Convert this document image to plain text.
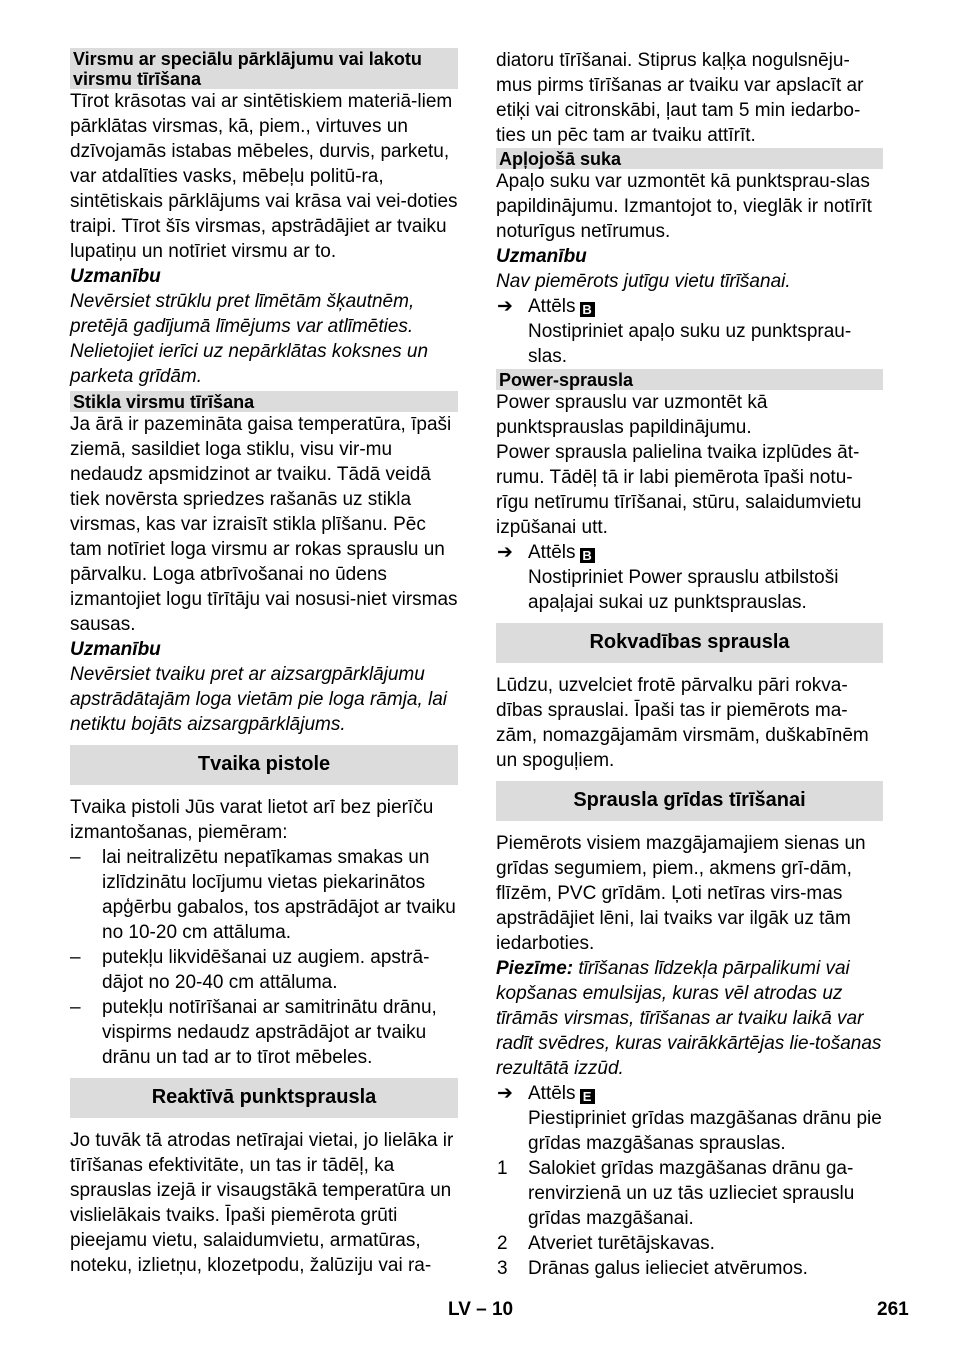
Virsmu ar speciālu pārklājumu vai lakotu virsmu tīrīšana

Tīrot krāsotas vai ar sintētiskiem materiā-liem pārklātas virsmas, kā, piem., virtuves un dzīvojamās istabas mēbeles, durvis, parketu, var atdalīties vasks, mēbeļu politū-ra, sintētiskais pārklājums vai krāsa vai vei-doties traipi. Tīrot šīs virsmas, apstrādājiet ar tvaiku lupatiņu un notīriet virsmu ar to.

Uzmanību

Nevērsiet strūklu pret līmētām šķautnēm, pretējā gadījumā līmējums var atlīmēties. Nelietojiet ierīci uz nepārklātas koksnes un parketa grīdām.

Stikla virsmu tīrīšana

Ja ārā ir pazemināta gaisa temperatūra, īpaši ziemā, sasildiet loga stiklu, visu vir-mu nedaudz apsmidzinot ar tvaiku. Tādā veidā tiek novērsta spriedzes rašanās uz stikla virsmas, kas var izraisīt stikla plīšanu. Pēc tam notīriet loga virsmu ar rokas sprauslu un pārvalku. Loga atbrīvošanai no ūdens izmantojiet logu tīrītāju vai nosusi-niet virsmas sausas.

Uzmanību

Nevērsiet tvaiku pret ar aizsargpārklājumu apstrādātajām loga vietām pie loga rāmja, lai netiktu bojāts aizsargpārklājums.

Tvaika pistole

Tvaika pistoli Jūs varat lietot arī bez pierīču izmantošanas, piemēram:

– lai neitralizētu nepatīkamas smakas un izlīdzinātu locījumu vietas piekarinātos apģērbu gabalos, tos apstrādājot ar tvaiku no 10-20 cm attāluma.
– putekļu likvidēšanai uz augiem. apstrā-dājot no 20-40 cm attāluma.
– putekļu notīrīšanai ar samitrinātu drānu, vispirms nedaudz apstrādājot ar tvaiku drānu un tad ar to tīrot mēbeles.

Reaktīvā punktsprausla

Jo tuvāk tā atrodas netīrajai vietai, jo lielāka ir tīrīšanas efektivitāte, un tas ir tādēļ, ka sprauslas izejā ir visaugstākā temperatūra un vislielākais tvaiks. Īpaši piemērota grūti pieejamu vietu, salaidumvietu, armatūras, noteku, izlietņu, klozetpodu, žalūziju vai ra-

diatoru tīrīšanai. Stiprus kaļķa nogulsnēju-mus pirms tīrīšanas ar tvaiku var apslacīt ar etiķi vai citronskābi, ļaut tam 5 min iedarbo-ties un pēc tam ar tvaiku attīrīt.

Apļojošā suka

Apaļo suku var uzmontēt kā punktsprau-slas papildinājumu. Izmantojot to, vieglāk ir notīrīt noturīgus netīrumus.

Uzmanību

Nav piemērots jutīgu vietu tīrīšanai.

➔ Attēls B

Nostipriniet apaļo suku uz punktsprau-slas.

Power-sprausla

Power sprauslu var uzmontēt kā punktsprauslas papildinājumu.

Power sprausla palielina tvaika izplūdes āt-rumu. Tādēļ tā ir labi piemērota īpaši notu-rīgu netīrumu tīrīšanai, stūru, salaidumvietu izpūšanai utt.

➔ Attēls B

Nostipriniet Power sprauslu atbilstoši apaļajai sukai uz punktsprauslas.

Rokvadības sprausla

Lūdzu, uzvelciet frotē pārvalku pāri rokva-dības sprauslai. Īpaši tas ir piemērots ma-zām, nomazgājamām virsmām, duškabīnēm un spoguļiem.

Sprausla grīdas tīrīšanai

Piemērots visiem mazgājamajiem sienas un grīdas segumiem, piem., akmens grī-dām, flīzēm, PVC grīdām. Ļoti netīras virs-mas apstrādājiet lēni, lai tvaiks var ilgāk uz tām iedarboties.

Piezīme: tīrīšanas līdzekļa pārpalikumi vai kopšanas emulsijas, kuras vēl atrodas uz tīrāmās virsmas, tīrīšanas ar tvaiku laikā var radīt svēdres, kuras vairākkārtējas lie-tošanas rezultātā izzūd.

➔ Attēls E

Piestipriniet grīdas mazgāšanas drānu pie grīdas mazgāšanas sprauslas.

1 Salokiet grīdas mazgāšanas drānu ga-renvirzienā un uz tās uzlieciet sprauslu grīdas mazgāšanai.
2 Atveriet turētājskavas.
3 Drānas galus ielieciet atvērumos.
LV – 10	261
